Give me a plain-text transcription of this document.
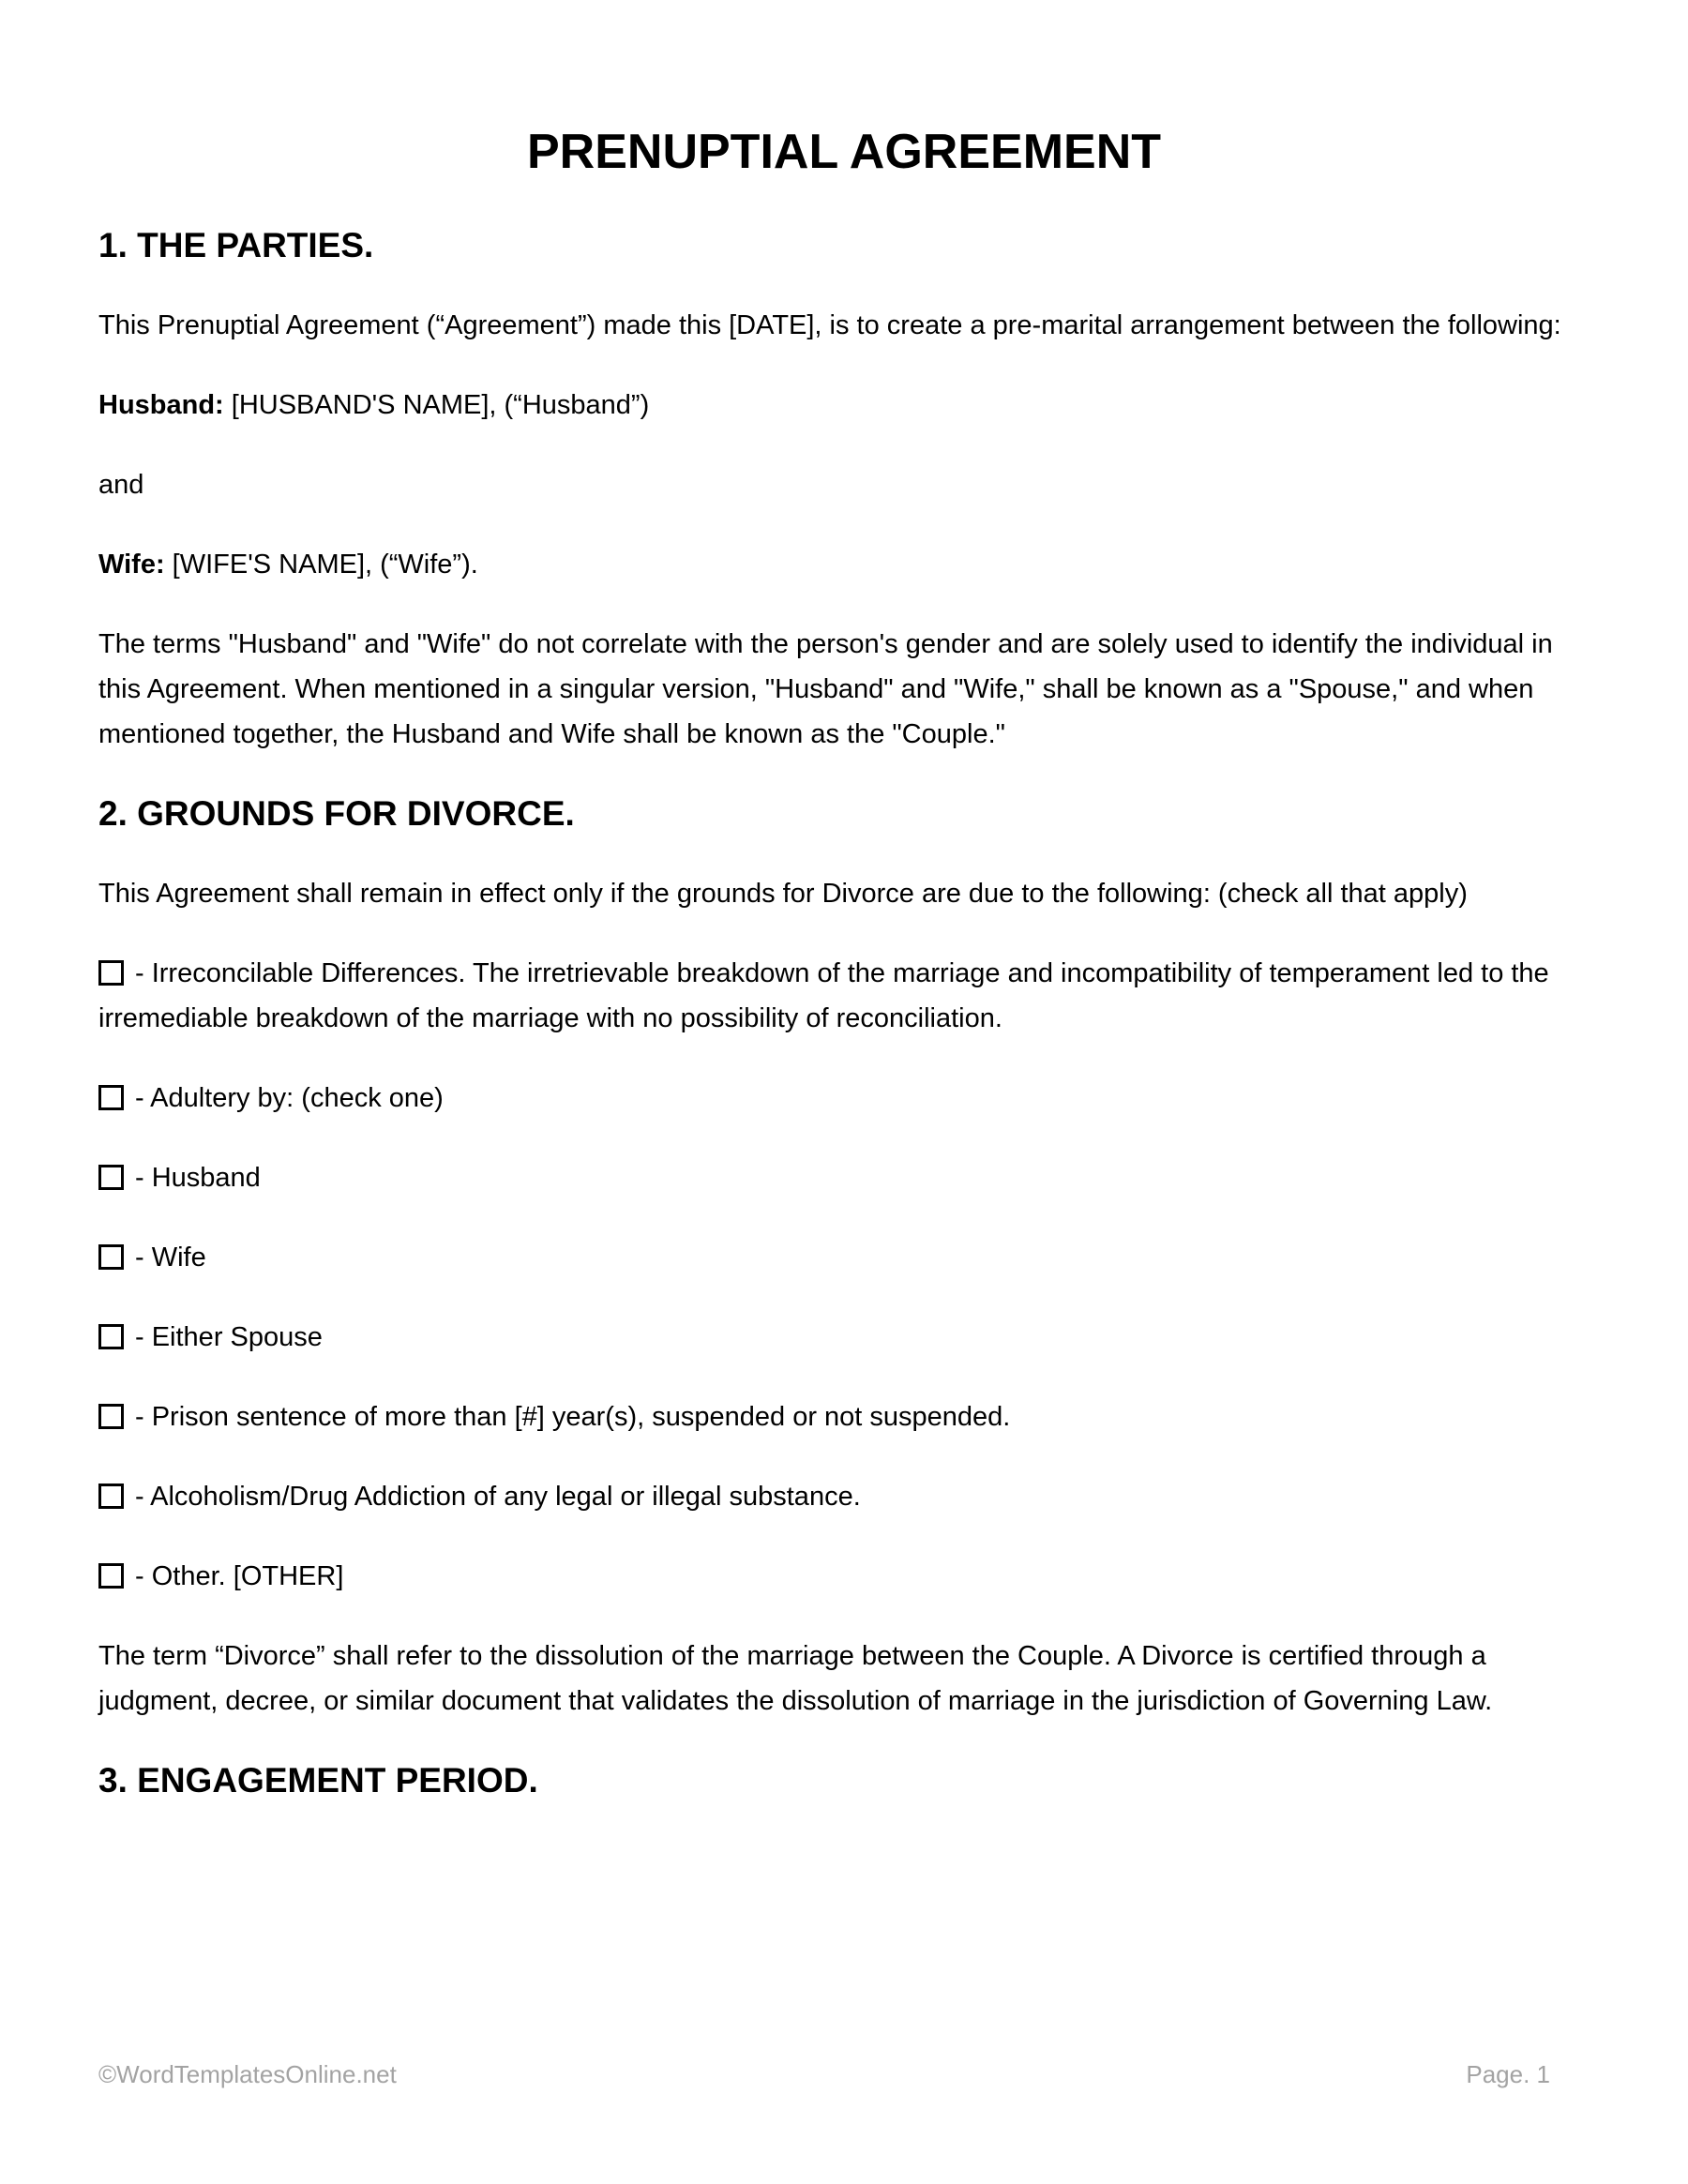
PRENUPTIAL AGREEMENT
1. THE PARTIES.

This Prenuptial Agreement (“Agreement”) made this [DATE], is to create a pre-marital arrangement between the following:

Husband: [HUSBAND'S NAME], (“Husband”)

and

Wife: [WIFE'S NAME], (“Wife”).

The terms "Husband" and "Wife" do not correlate with the person's gender and are solely used to identify the individual in this Agreement. When mentioned in a singular version, "Husband" and "Wife," shall be known as a "Spouse," and when mentioned together, the Husband and Wife shall be known as the "Couple."

2. GROUNDS FOR DIVORCE.

This Agreement shall remain in effect only if the grounds for Divorce are due to the following: (check all that apply)

- Irreconcilable Differences. The irretrievable breakdown of the marriage and incompatibility of temperament led to the irremediable breakdown of the marriage with no possibility of reconciliation.

- Adultery by: (check one)

- Husband

- Wife

- Either Spouse

- Prison sentence of more than [#] year(s), suspended or not suspended.

- Alcoholism/Drug Addiction of any legal or illegal substance.

- Other. [OTHER]

The term “Divorce” shall refer to the dissolution of the marriage between the Couple. A Divorce is certified through a judgment, decree, or similar document that validates the dissolution of marriage in the jurisdiction of Governing Law.

3. ENGAGEMENT PERIOD.
©WordTemplatesOnline.net	Page. 1
